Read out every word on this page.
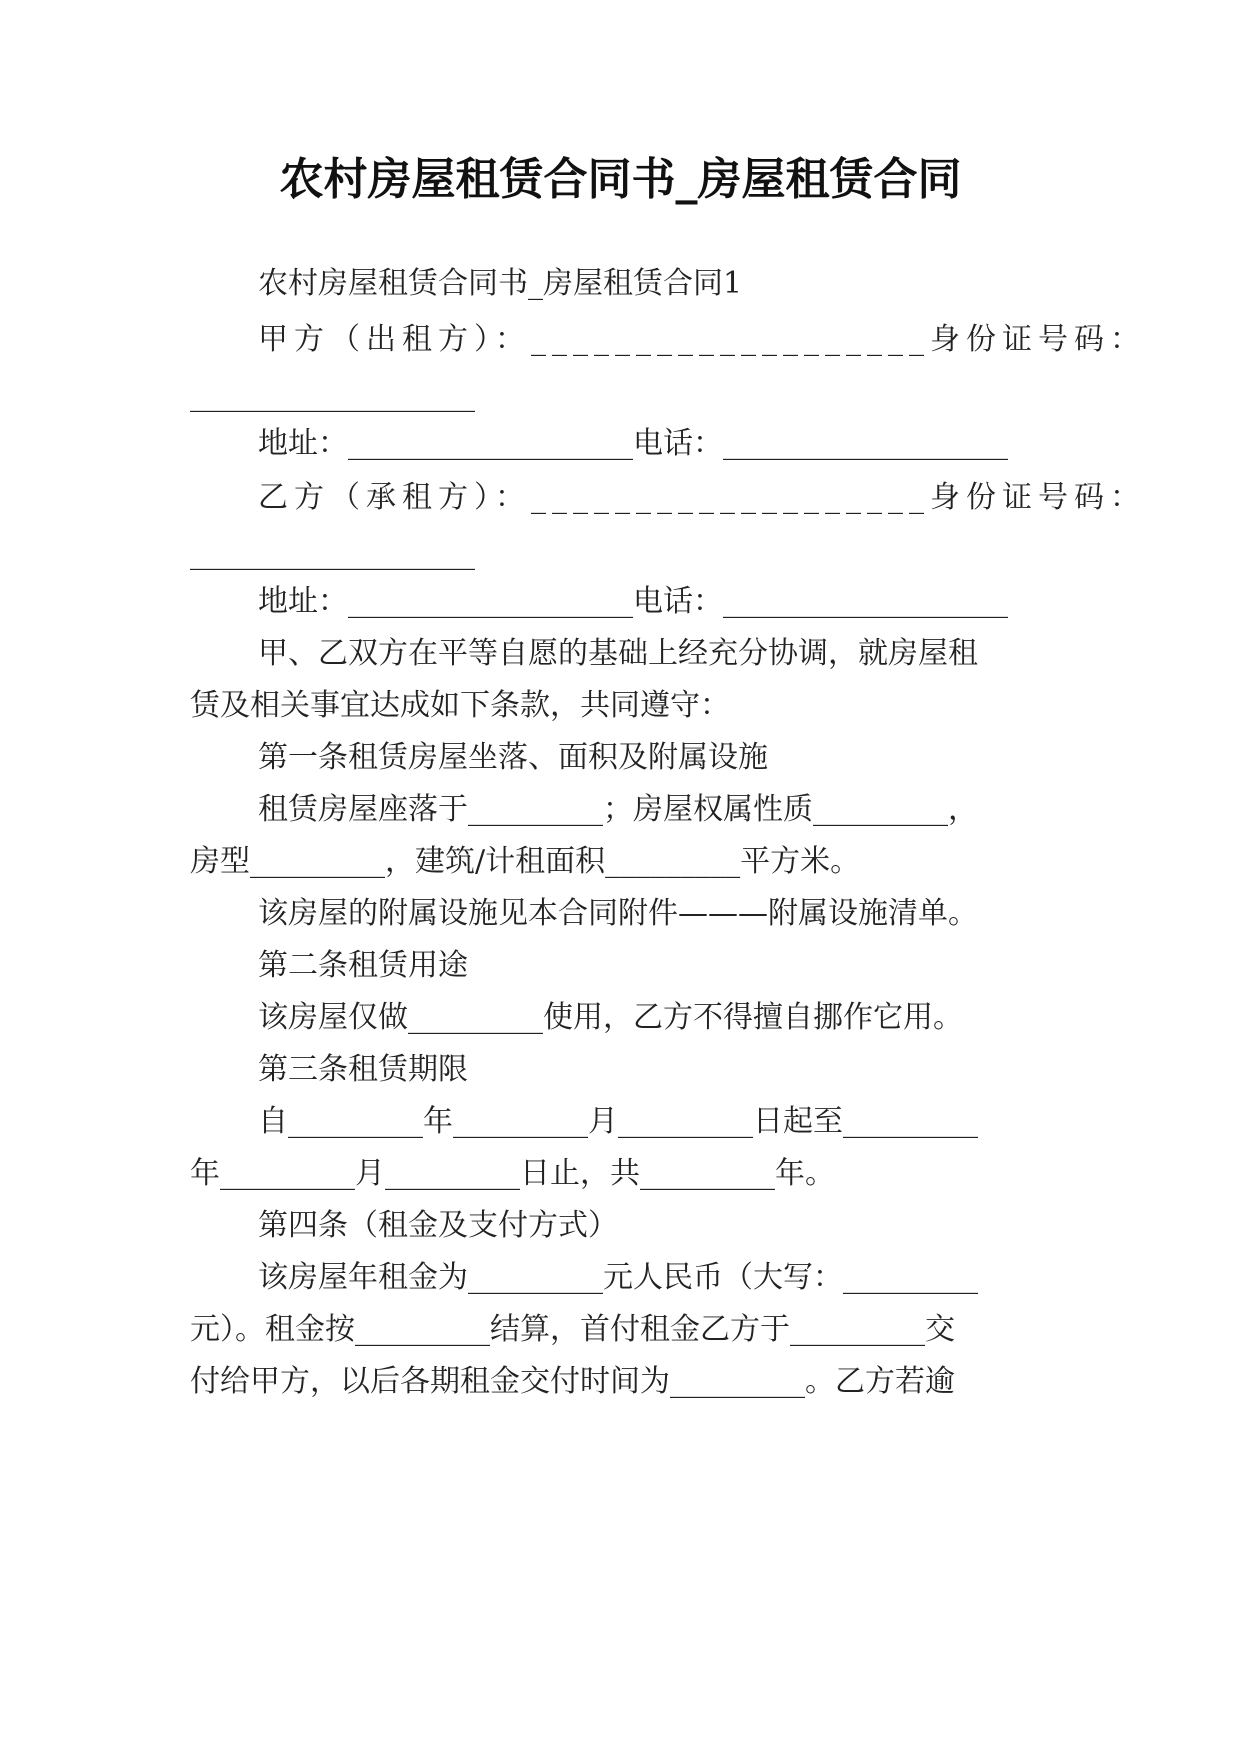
农村房屋租赁合同书_房屋租赁合同
农村房屋租赁合同书_房屋租赁合同1
甲方（出租方）：___________________身份证号码：
___________________
地址：___________________电话：___________________
乙方（承租方）：___________________身份证号码：
___________________
地址：___________________电话：___________________
甲、乙双方在平等自愿的基础上经充分协调，就房屋租
赁及相关事宜达成如下条款，共同遵守：
第一条租赁房屋坐落、面积及附属设施
租赁房屋座落于_________；房屋权属性质_________，
房型_________，建筑/计租面积_________平方米。
该房屋的附属设施见本合同附件———附属设施清单。
第二条租赁用途
该房屋仅做_________使用，乙方不得擅自挪作它用。
第三条租赁期限
自_________年_________月_________日起至_________
年_________月_________日止，共_________年。
第四条（租金及支付方式）
该房屋年租金为_________元人民币（大写：_________
元）。租金按_________结算，首付租金乙方于_________交
付给甲方，以后各期租金交付时间为_________。乙方若逾
